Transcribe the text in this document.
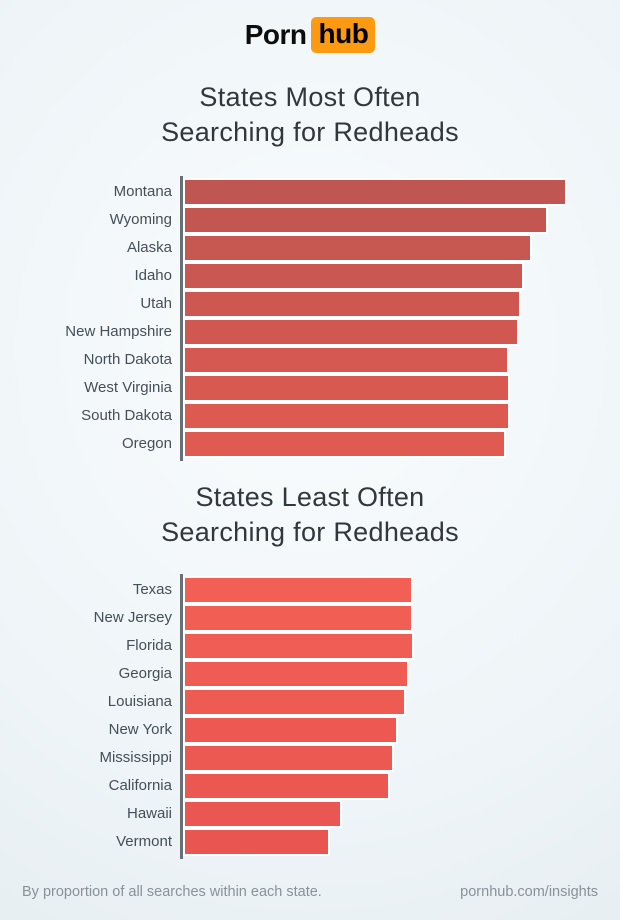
Porn hub
States Most Often
Searching for Redheads
Montana
Wyoming
Alaska
Idaho
Utah
New Hampshire
North Dakota
West Virginia
South Dakota
Oregon
States Least Often
Searching for Redheads
Texas
New Jersey
Florida
Georgia
Louisiana
New York
Mississippi
California
Hawaii
Vermont
By proportion of all searches within each state.	pornhub.com/insights
